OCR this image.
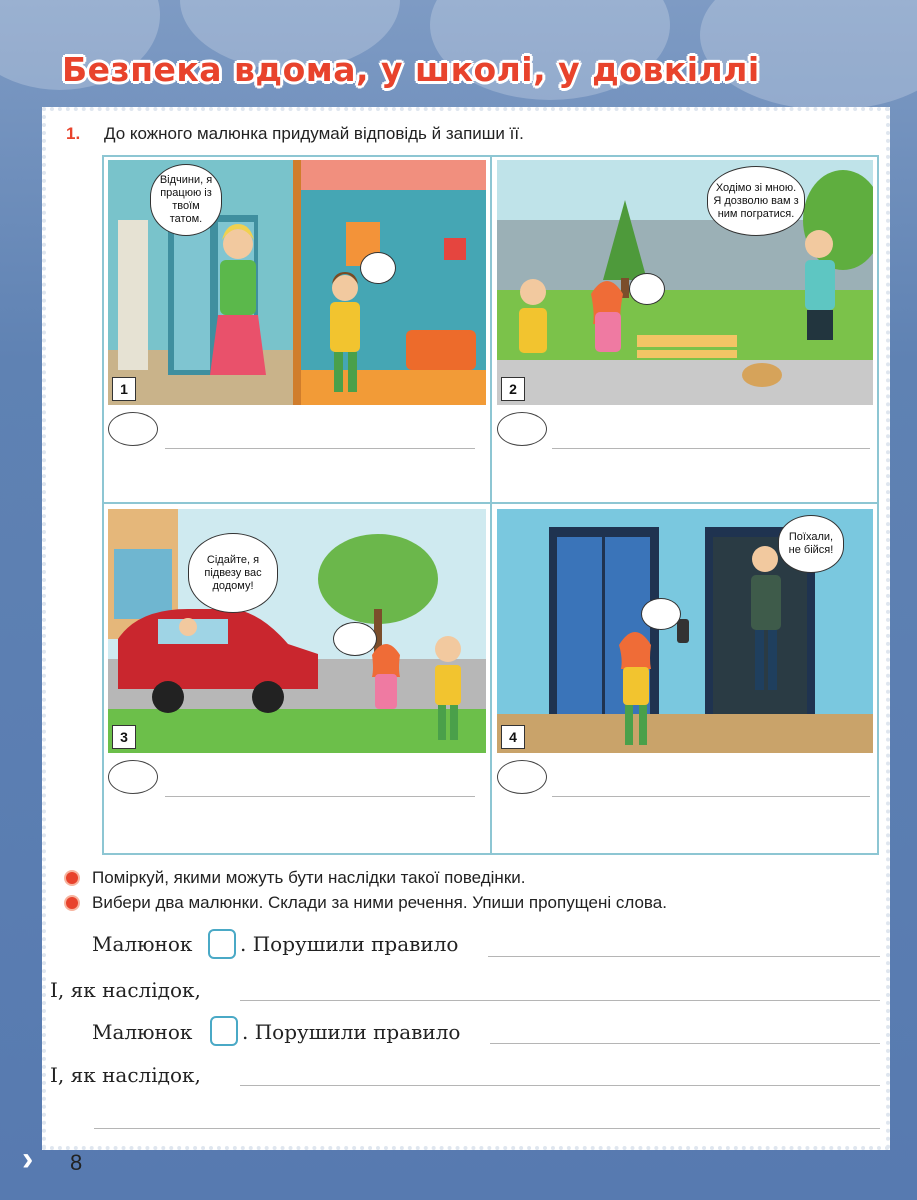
Безпека вдома, у школі, у довкіллі
1. До кожного малюнка придумай відповідь й запиши її.
1
Відчини, я працюю із твоїм татом.
2
Ходімо зі мною. Я дозволю вам з ним погратися.
3
Сідайте, я підвезу вас додому!
4
Поїхали, не бійся!
Поміркуй, якими можуть бути наслідки такої поведінки.
Вибери два малюнки. Склади за ними речення. Упиши пропущені слова.
Малюнок . Порушили правило
І, як наслідок,
Малюнок . Порушили правило
І, як наслідок,
› 8
